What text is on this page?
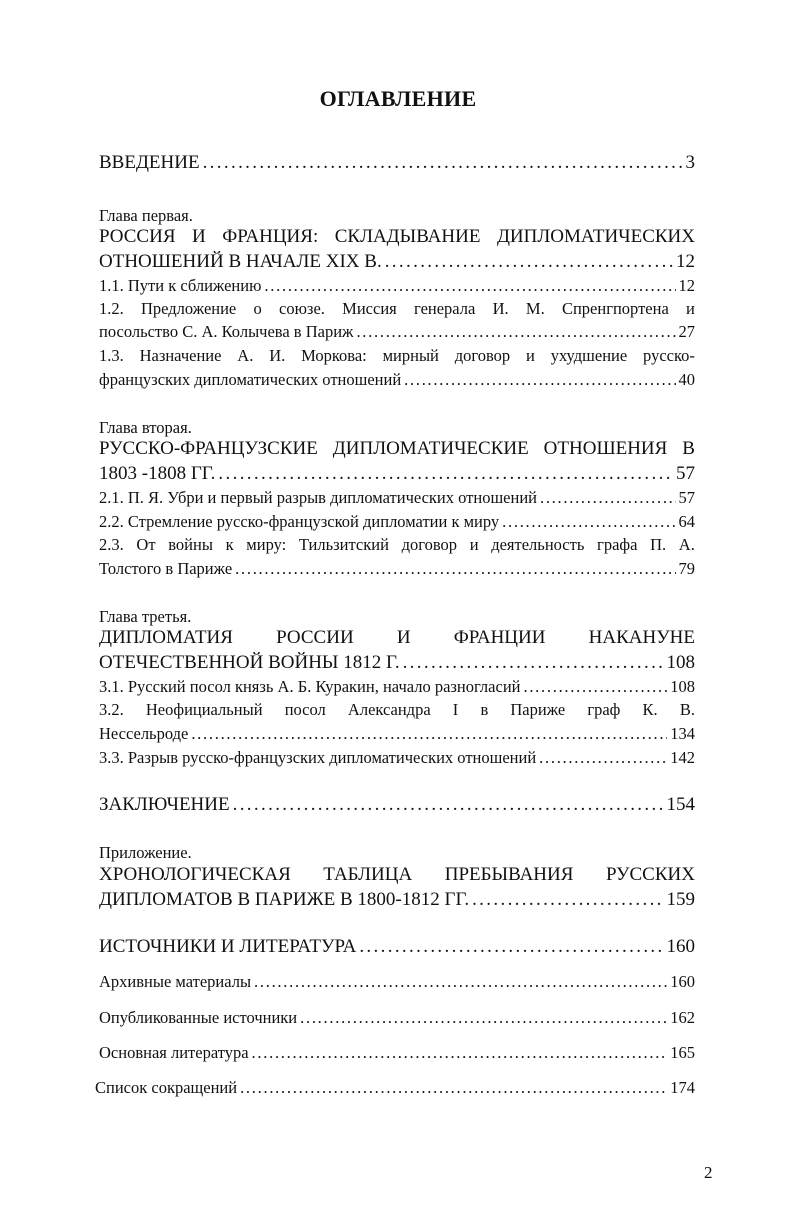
ОГЛАВЛЕНИЕ
ВВЕДЕНИЕ . . .	3
Глава первая.
РОССИЯ И ФРАНЦИЯ: СКЛАДЫВАНИЕ ДИПЛОМАТИЧЕСКИХ
ОТНОШЕНИЙ В НАЧАЛЕ XIX В. . . .	12
1.1. Пути к сближению . . .	12
1.2. Предложение о союзе. Миссия генерала И. М. Спренгпортена и
посольство С. А. Колычева в Париж . . .	27
1.3. Назначение А. И. Моркова: мирный договор и ухудшение русско-
французских дипломатических отношений . . .	40
Глава вторая.
РУССКО-ФРАНЦУЗСКИЕ ДИПЛОМАТИЧЕСКИЕ ОТНОШЕНИЯ В
1803 -1808 ГГ. . . .	57
2.1. П. Я. Убри и первый разрыв дипломатических отношений . . .	57
2.2. Стремление русско-французской дипломатии к миру . . .	64
2.3. От войны к миру: Тильзитский договор и деятельность графа П. А.
Толстого в Париже . . .	79
Глава третья.
ДИПЛОМАТИЯ РОССИИ И ФРАНЦИИ НАКАНУНЕ
ОТЕЧЕСТВЕННОЙ ВОЙНЫ 1812 Г. . . .	108
3.1. Русский посол князь А. Б. Куракин, начало разногласий . . .	108
3.2. Неофициальный посол Александра I в Париже граф К. В.
Нессельроде . . .	134
3.3. Разрыв русско-французских дипломатических отношений . . .	142
ЗАКЛЮЧЕНИЕ . . .	154
Приложение.
ХРОНОЛОГИЧЕСКАЯ ТАБЛИЦА ПРЕБЫВАНИЯ РУССКИХ
ДИПЛОМАТОВ В ПАРИЖЕ В 1800-1812 ГГ. . . .	159
ИСТОЧНИКИ И ЛИТЕРАТУРА . . .	160
Архивные материалы . . .	160
Опубликованные источники . . .	162
Основная литература . . .	165
Список сокращений . . .	174
2
